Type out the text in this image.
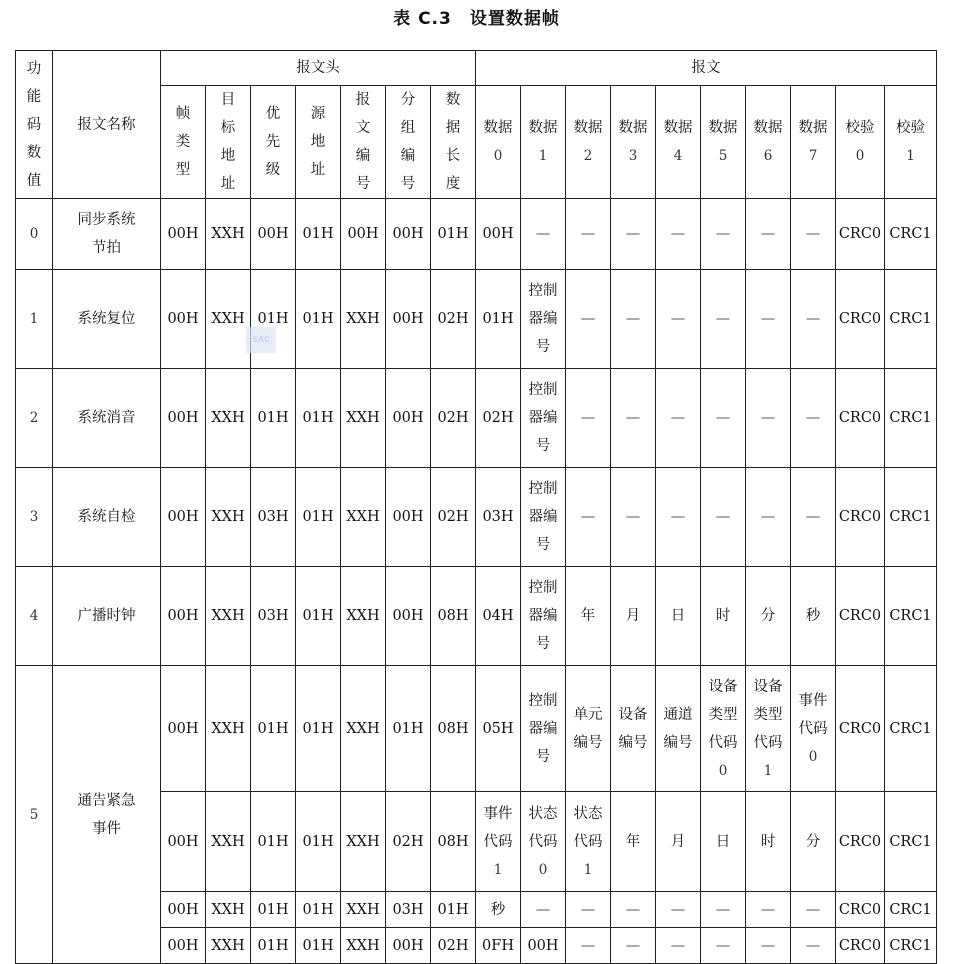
表 C.3　设置数据帧
功
能
码
数
值	报文名称	报文头							报文									
		帧
类
型	目
标
地
址	优
先
级	源
地
址	报
文
编
号	分
组
编
号	数
据
长
度	数据
0	数据
1	数据
2	数据
3	数据
4	数据
5	数据
6	数据
7	校验
0	校验
1
0	同步系统
节拍	00H	XXH	00H	01H	00H	00H	01H	00H	—	—	—	—	—	—	—	CRC0	CRC1
1	系统复位	00H	XXH	01H	01H	XXH	00H	02H	01H	控制
器编
号	—	—	—	—	—	—	CRC0	CRC1
2	系统消音	00H	XXH	01H	01H	XXH	00H	02H	02H	控制
器编
号	—	—	—	—	—	—	CRC0	CRC1
3	系统自检	00H	XXH	03H	01H	XXH	00H	02H	03H	控制
器编
号	—	—	—	—	—	—	CRC0	CRC1
4	广播时钟	00H	XXH	03H	01H	XXH	00H	08H	04H	控制
器编
号	年	月	日	时	分	秒	CRC0	CRC1
5	通告紧急
事件	00H	XXH	01H	01H	XXH	01H	08H	05H	控制
器编
号	单元
编号	设备
编号	通道
编号	设备
类型
代码
0	设备
类型
代码
1	事件
代码
0	CRC0	CRC1
		00H	XXH	01H	01H	XXH	02H	08H	事件
代码
1	状态
代码
0	状态
代码
1	年	月	日	时	分	CRC0	CRC1
		00H	XXH	01H	01H	XXH	03H	01H	秒	—	—	—	—	—	—	—	CRC0	CRC1
		00H	XXH	01H	01H	XXH	00H	02H	0FH	00H	—	—	—	—	—	—	CRC0	CRC1
SAC
